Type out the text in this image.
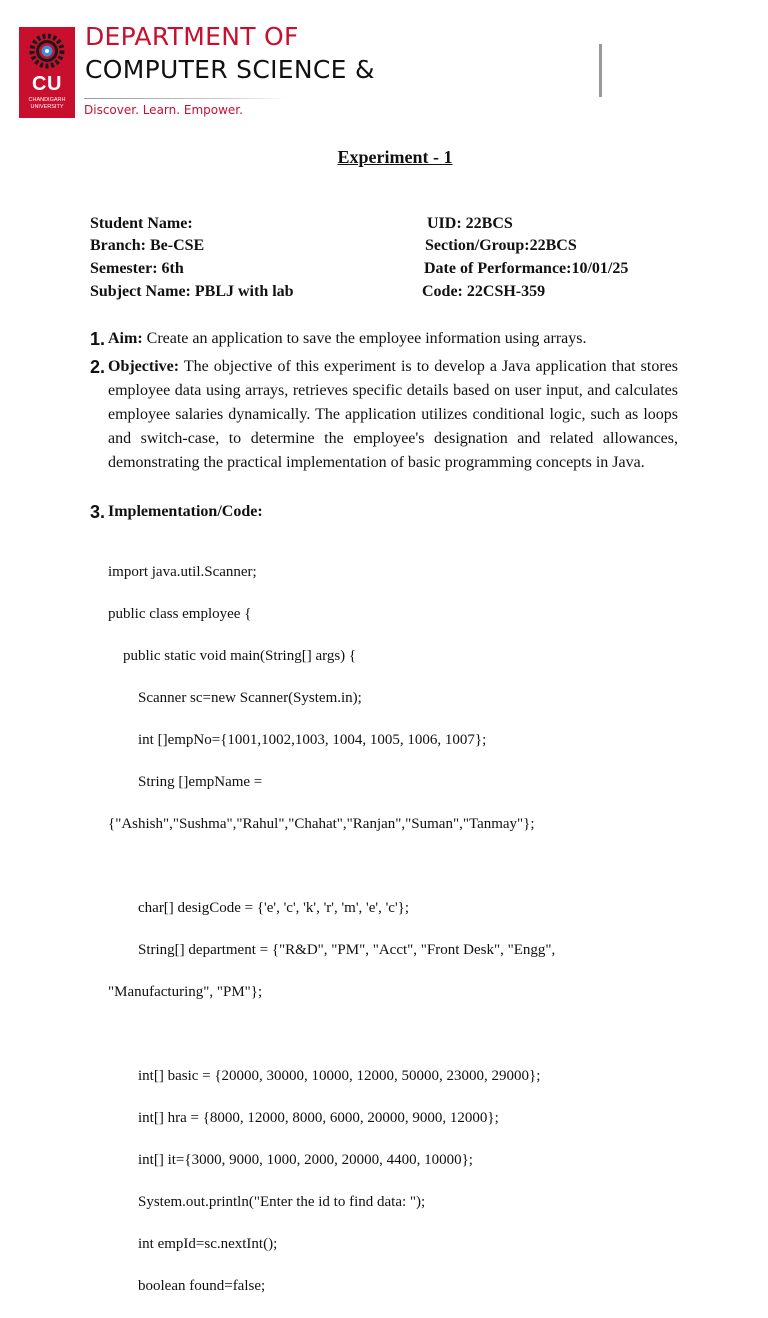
CU
CHANDIGARH UNIVERSITY
DEPARTMENT OF
COMPUTER SCIENCE &
Discover. Learn. Empower.
Experiment - 1
Student Name:	UID: 22BCS
Branch: Be-CSE	Section/Group:22BCS
Semester: 6th	Date of Performance:10/01/25
Subject Name: PBLJ with lab	Code: 22CSH-359
1. Aim: Create an application to save the employee information using arrays.
2. Objective: The objective of this experiment is to develop a Java application that stores employee data using arrays, retrieves specific details based on user input, and calculates employee salaries dynamically. The application utilizes conditional logic, such as loops and switch-case, to determine the employee's designation and related allowances, demonstrating the practical implementation of basic programming concepts in Java.
3. Implementation/Code:

import java.util.Scanner;

public class employee {

public static void main(String[] args) {

Scanner sc=new Scanner(System.in);

int []empNo={1001,1002,1003, 1004, 1005, 1006, 1007};

String []empName =

{"Ashish","Sushma","Rahul","Chahat","Ranjan","Suman","Tanmay"};

char[] desigCode = {'e', 'c', 'k', 'r', 'm', 'e', 'c'};

String[] department = {"R&D", "PM", "Acct", "Front Desk", "Engg",

"Manufacturing", "PM"};

int[] basic = {20000, 30000, 10000, 12000, 50000, 23000, 29000};

int[] hra = {8000, 12000, 8000, 6000, 20000, 9000, 12000};

int[] it={3000, 9000, 1000, 2000, 20000, 4400, 10000};

System.out.println("Enter the id to find data: ");

int empId=sc.nextInt();

boolean found=false;
